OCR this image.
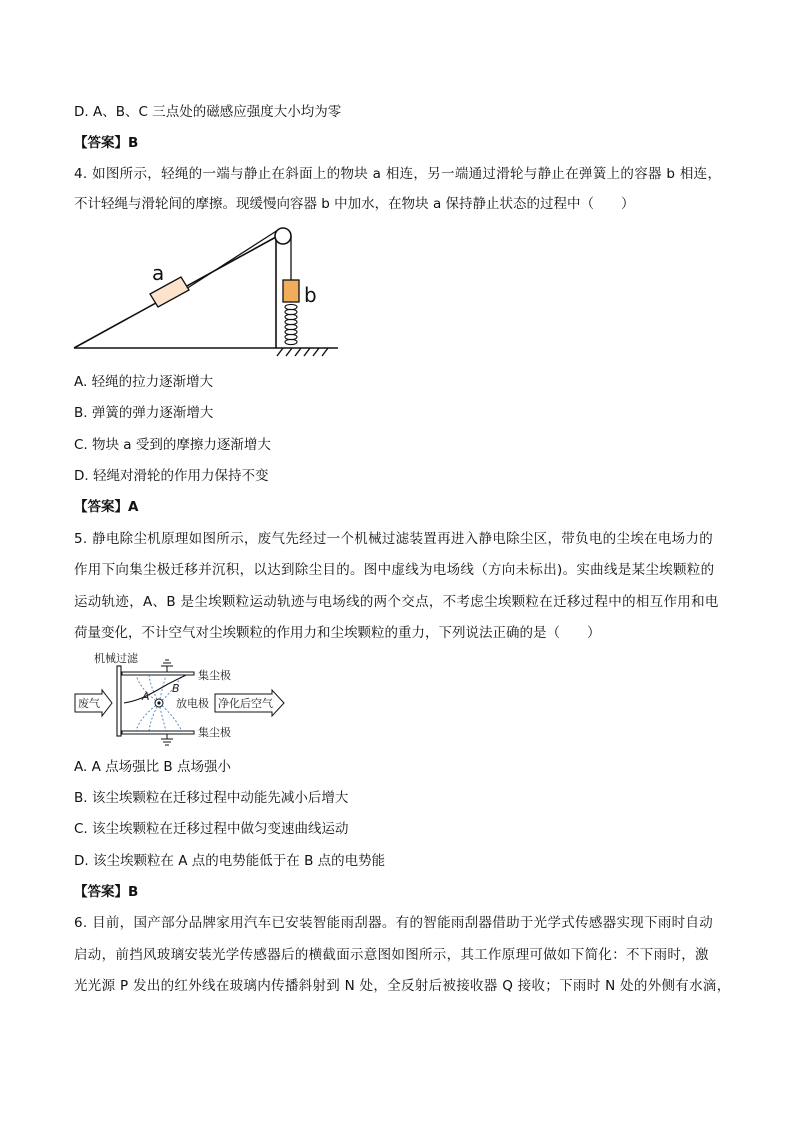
D. A、B、C 三点处的磁感应强度大小均为零
【答案】B
4. 如图所示，轻绳的一端与静止在斜面上的物块 a 相连，另一端通过滑轮与静止在弹簧上的容器 b 相连，
不计轻绳与滑轮间的摩擦。现缓慢向容器 b 中加水，在物块 a 保持静止状态的过程中（　　）
a
b
A. 轻绳的拉力逐渐增大
B. 弹簧的弹力逐渐增大
C. 物块 a 受到的摩擦力逐渐增大
D. 轻绳对滑轮的作用力保持不变
【答案】A
5. 静电除尘机原理如图所示，废气先经过一个机械过滤装置再进入静电除尘区，带负电的尘埃在电场力的
作用下向集尘极迁移并沉积，以达到除尘目的。图中虚线为电场线（方向未标出)。实曲线是某尘埃颗粒的
运动轨迹，A、B 是尘埃颗粒运动轨迹与电场线的两个交点，不考虑尘埃颗粒在迁移过程中的相互作用和电
荷量变化，不计空气对尘埃颗粒的作用力和尘埃颗粒的重力，下列说法正确的是（　　）
机械过滤
废气
集尘极
A
B
放电极 净化后空气
集尘极
A. A 点场强比 B 点场强小
B. 该尘埃颗粒在迁移过程中动能先减小后增大
C. 该尘埃颗粒在迁移过程中做匀变速曲线运动
D. 该尘埃颗粒在 A 点的电势能低于在 B 点的电势能
【答案】B
6. 目前，国产部分品牌家用汽车已安装智能雨刮器。有的智能雨刮器借助于光学式传感器实现下雨时自动
启动，前挡风玻璃安装光学传感器后的横截面示意图如图所示，其工作原理可做如下简化：不下雨时，激
光光源 P 发出的红外线在玻璃内传播斜射到 N 处，全反射后被接收器 Q 接收；下雨时 N 处的外侧有水滴，
